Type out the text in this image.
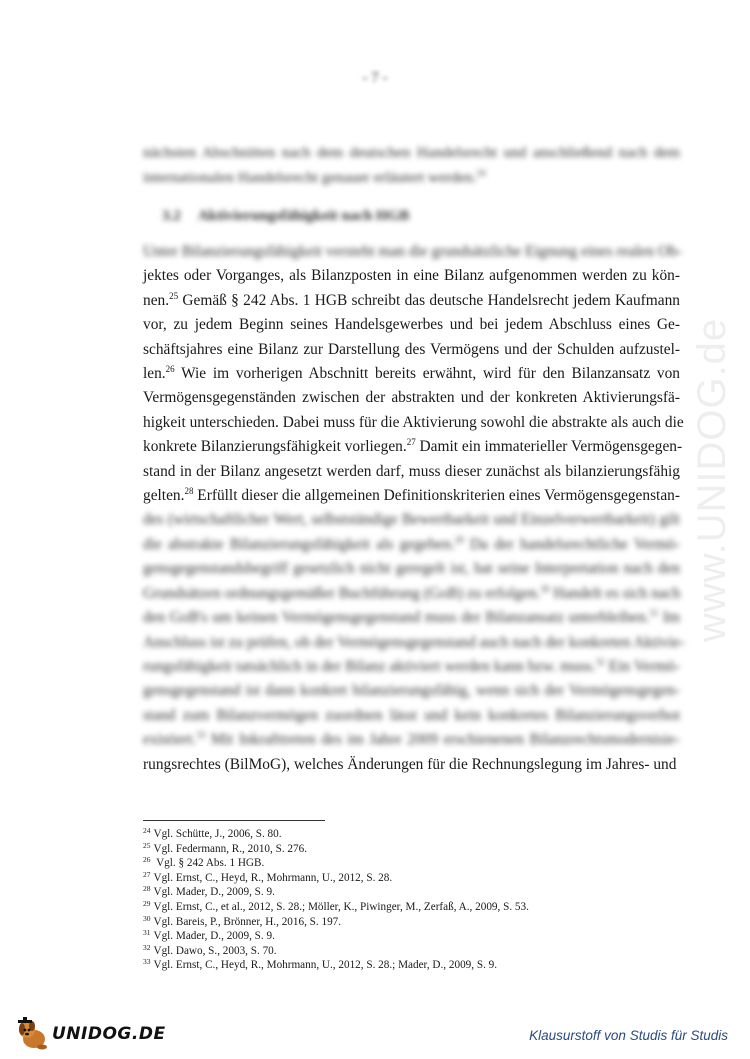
- 7 -
nächsten Abschnitten nach dem deutschen Handelsrecht und anschließend nach dem
internationalen Handelsrecht genauer erläutert werden.$^{24}$
3.2 Aktivierungsfähigkeit nach HGB
Unter Bilanzierungsfähigkeit versteht man die grundsätzliche Eignung eines realen Ob-
jektes oder Vorganges, als Bilanzposten in eine Bilanz aufgenommen werden zu kön-
nen.$^{25}$ Gemäß § 242 Abs. 1 HGB schreibt das deutsche Handelsrecht jedem Kaufmann
vor, zu jedem Beginn seines Handelsgewerbes und bei jedem Abschluss eines Ge-
schäftsjahres eine Bilanz zur Darstellung des Vermögens und der Schulden aufzustel-
len.$^{26}$ Wie im vorherigen Abschnitt bereits erwähnt, wird für den Bilanzansatz von
Vermögensgegenständen zwischen der abstrakten und der konkreten Aktivierungsfä-
higkeit unterschieden. Dabei muss für die Aktivierung sowohl die abstrakte als auch die
konkrete Bilanzierungsfähigkeit vorliegen.$^{27}$ Damit ein immaterieller Vermögensgegen-
stand in der Bilanz angesetzt werden darf, muss dieser zunächst als bilanzierungsfähig
gelten.$^{28}$ Erfüllt dieser die allgemeinen Definitionskriterien eines Vermögensgegenstan-
des (wirtschaftlicher Wert, selbstständige Bewertbarkeit und Einzelverwertbarkeit) gilt
die abstrakte Bilanzierungsfähigkeit als gegeben.$^{29}$ Da der handelsrechtliche Vermö-
gensgegenstandsbegriff gesetzlich nicht geregelt ist, hat seine Interpretation nach den
Grundsätzen ordnungsgemäßer Buchführung (GoB) zu erfolgen.$^{30}$ Handelt es sich nach
den GoB's um keinen Vermögensgegenstand muss der Bilanzansatz unterbleiben.$^{31}$ Im
Anschluss ist zu prüfen, ob der Vermögensgegenstand auch nach der konkreten Aktivie-
rungsfähigkeit tatsächlich in der Bilanz aktiviert werden kann bzw. muss.$^{32}$ Ein Vermö-
gensgegenstand ist dann konkret bilanzierungsfähig, wenn sich der Vermögensgegen-
stand zum Bilanzvermögen zuordnen lässt und kein konkretes Bilanzierungsverbot
existiert.$^{33}$ Mit Inkrafttreten des im Jahre 2009 erschienenen Bilanzrechtsmodernisie-
rungsrechtes (BilMoG), welches Änderungen für die Rechnungslegung im Jahres- und
www.UNIDOG.de
$^{24}$ Vgl. Schütte, J., 2006, S. 80.
$^{25}$ Vgl. Federmann, R., 2010, S. 276.
$^{26}$ Vgl. § 242 Abs. 1 HGB.
$^{27}$ Vgl. Ernst, C., Heyd, R., Mohrmann, U., 2012, S. 28.
$^{28}$ Vgl. Mader, D., 2009, S. 9.
$^{29}$ Vgl. Ernst, C., et al., 2012, S. 28.; Möller, K., Piwinger, M., Zerfaß, A., 2009, S. 53.
$^{30}$ Vgl. Bareis, P., Brönner, H., 2016, S. 197.
$^{31}$ Vgl. Mader, D., 2009, S. 9.
$^{32}$ Vgl. Dawo, S., 2003, S. 70.
$^{33}$ Vgl. Ernst, C., Heyd, R., Mohrmann, U., 2012, S. 28.; Mader, D., 2009, S. 9.
UNIDOG.DE	Klausurstoff von Studis für Studis
